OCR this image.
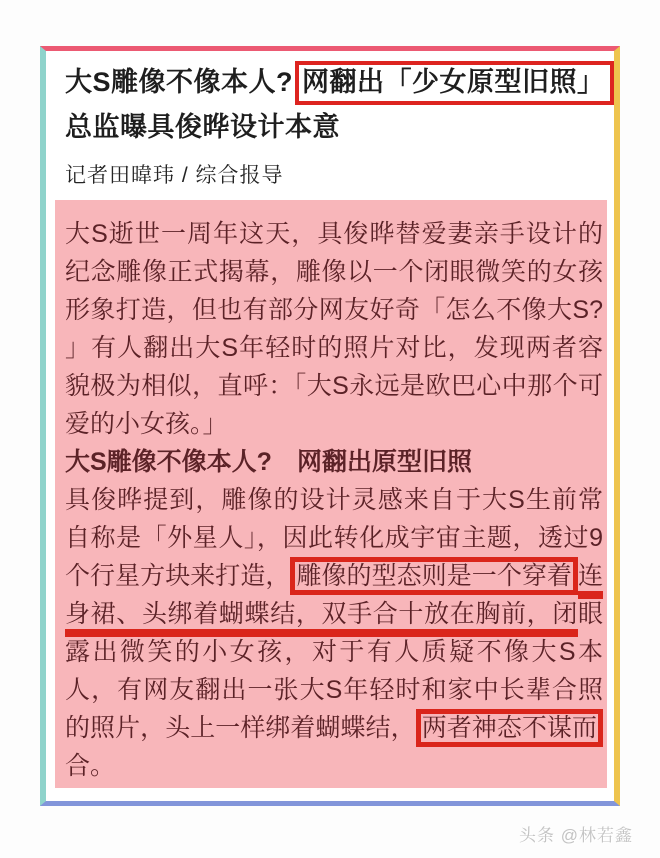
大S雕像不像本人? 网翻出「少女原型旧照」
总监曝具俊晔设计本意
记者田暐玮 / 综合报导

大S逝世一周年这天，具俊晔替爱妻亲手设计的纪念雕像正式揭幕，雕像以一个闭眼微笑的女孩形象打造，但也有部分网友好奇「怎么不像大S? 」有人翻出大S年轻时的照片对比，发现两者容貌极为相似，直呼：「大S永远是欧巴心中那个可爱的小女孩。」

大S雕像不像本人?　网翻出原型旧照

具俊晔提到，雕像的设计灵感来自于大S生前常自称是「外星人」，因此转化成宇宙主题，透过9个行星方块来打造， 雕像的型态则是一个穿着 连身裙、头绑着蝴蝶结，双手合十放在胸前，闭眼露出微笑的小女孩，对于有人质疑不像大S本人，有网友翻出一张大S年轻时和家中长辈合照的照片，头上一样绑着蝴蝶结， 两者神态不谋而合。

头条 @林若鑫
